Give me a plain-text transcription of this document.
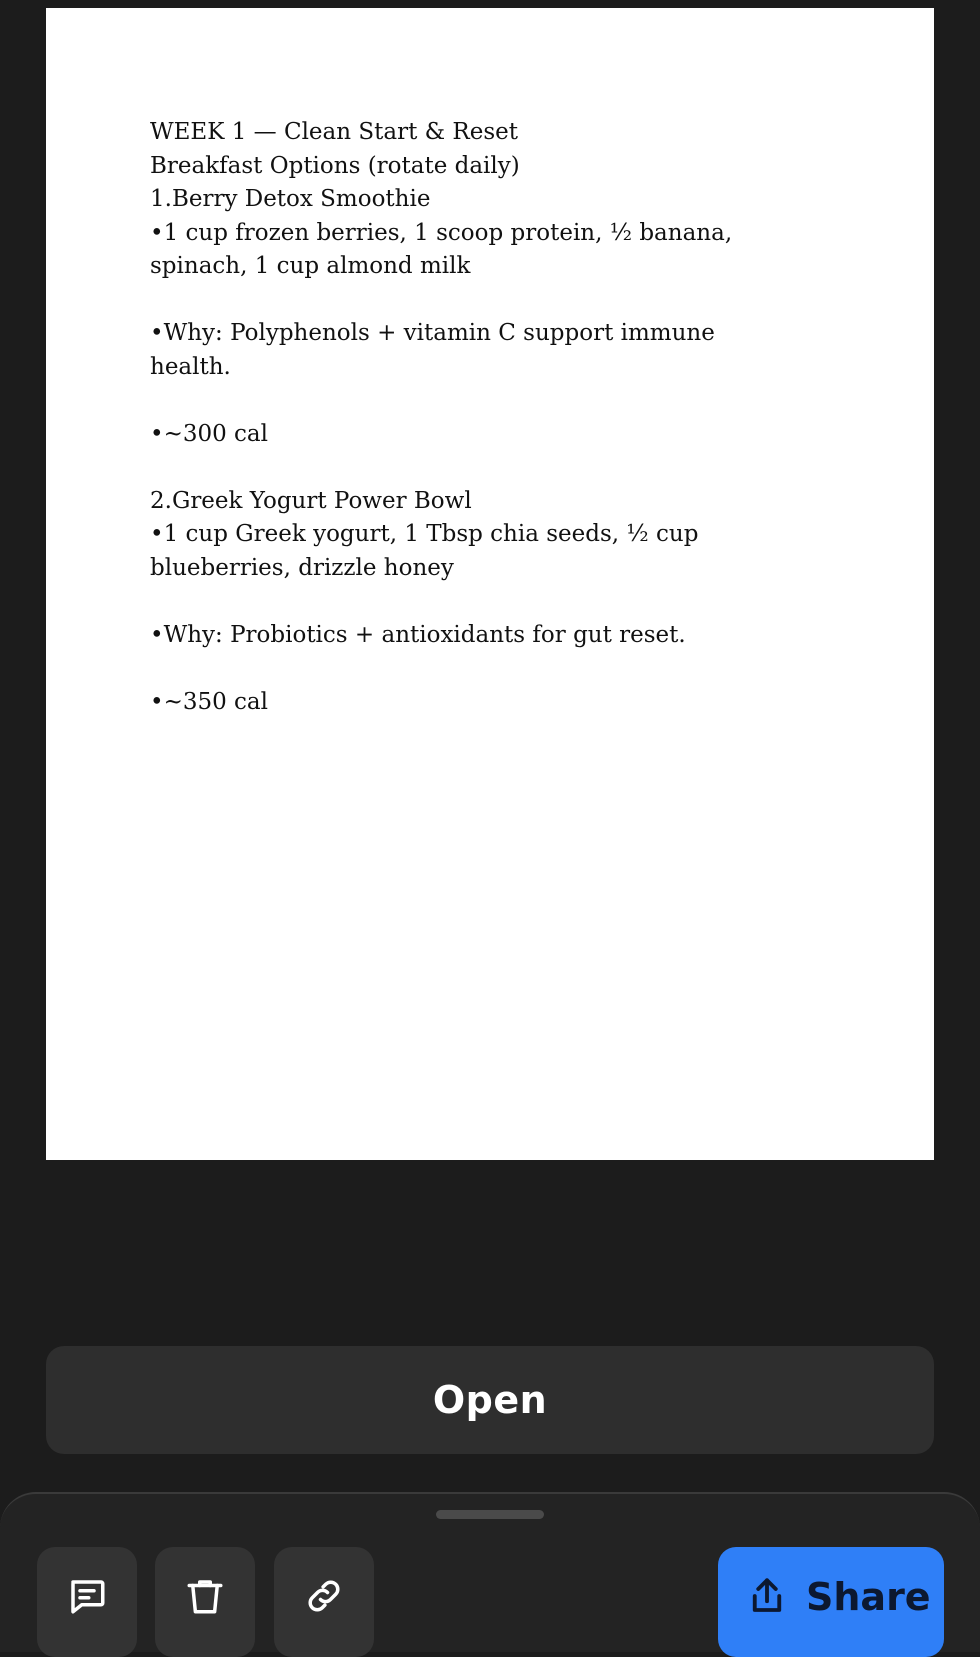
WEEK 1 — Clean Start & Reset
Breakfast Options (rotate daily)
1.Berry Detox Smoothie
•1 cup frozen berries, 1 scoop protein, ½ banana,
spinach, 1 cup almond milk
•Why: Polyphenols + vitamin C support immune
health.
•~300 cal
2.Greek Yogurt Power Bowl
•1 cup Greek yogurt, 1 Tbsp chia seeds, ½ cup
blueberries, drizzle honey
•Why: Probiotics + antioxidants for gut reset.
•~350 cal
Open
Share
